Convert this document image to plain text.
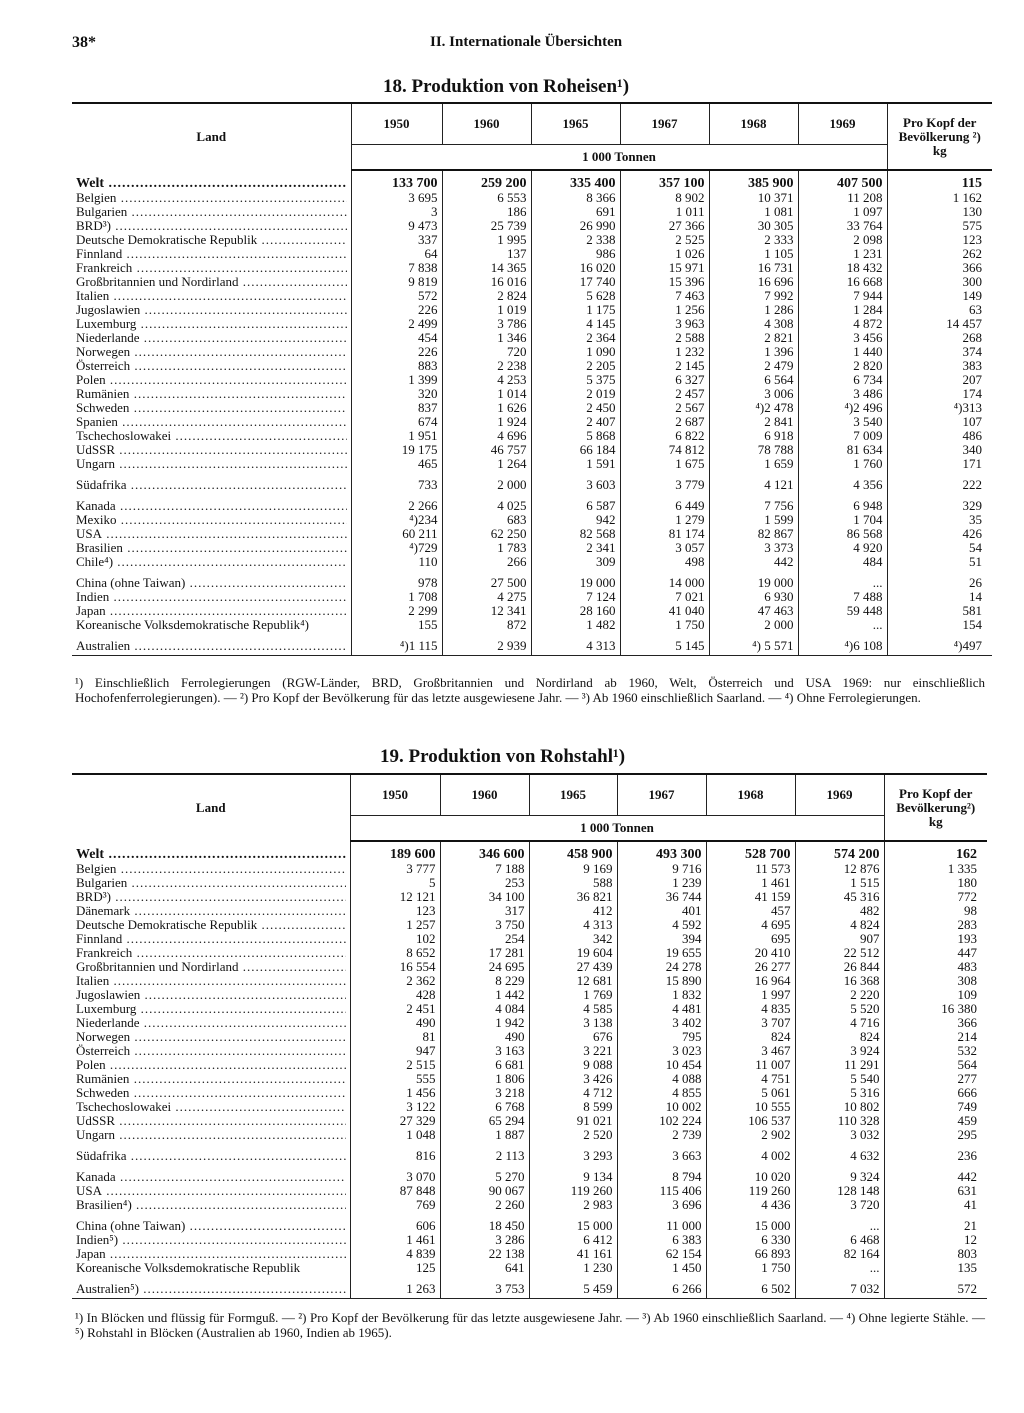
38*	II. Internationale Übersichten
18. Produktion von Roheisen¹)
Land	1950	1960	1965	1967	1968	1969	Pro Kopf der Bevölkerung ²) kg
	1 000 Tonnen						

Welt .....	133 700	259 200	335 400	357 100	385 900	407 500	115

Belgien .....	3 695	6 553	8 366	8 902	10 371	11 208	1 162

Bulgarien .....	3	186	691	1 011	1 081	1 097	130

BRD³) .....	9 473	25 739	26 990	27 366	30 305	33 764	575

Deutsche Demokratische Republik .....	337	1 995	2 338	2 525	2 333	2 098	123

Finnland .....	64	137	986	1 026	1 105	1 231	262

Frankreich .....	7 838	14 365	16 020	15 971	16 731	18 432	366

Großbritannien und Nordirland .....	9 819	16 016	17 740	15 396	16 696	16 668	300

Italien .....	572	2 824	5 628	7 463	7 992	7 944	149

Jugoslawien .....	226	1 019	1 175	1 256	1 286	1 284	63

Luxemburg .....	2 499	3 786	4 145	3 963	4 308	4 872	14 457

Niederlande .....	454	1 346	2 364	2 588	2 821	3 456	268

Norwegen .....	226	720	1 090	1 232	1 396	1 440	374

Österreich .....	883	2 238	2 205	2 145	2 479	2 820	383

Polen .....	1 399	4 253	5 375	6 327	6 564	6 734	207

Rumänien .....	320	1 014	2 019	2 457	3 006	3 486	174

Schweden .....	837	1 626	2 450	2 567	⁴)2 478	⁴)2 496	⁴)313

Spanien .....	674	1 924	2 407	2 687	2 841	3 540	107

Tschechoslowakei .....	1 951	4 696	5 868	6 822	6 918	7 009	486

UdSSR .....	19 175	46 757	66 184	74 812	78 788	81 634	340

Ungarn .....	465	1 264	1 591	1 675	1 659	1 760	171

Südafrika .....	733	2 000	3 603	3 779	4 121	4 356	222

Kanada .....	2 266	4 025	6 587	6 449	7 756	6 948	329

Mexiko .....	⁴)234	683	942	1 279	1 599	1 704	35

USA .....	60 211	62 250	82 568	81 174	82 867	86 568	426

Brasilien .....	⁴)729	1 783	2 341	3 057	3 373	4 920	54

Chile⁴) .....	110	266	309	498	442	484	51

China (ohne Taiwan) .....	978	27 500	19 000	14 000	19 000	...	26

Indien .....	1 708	4 275	7 124	7 021	6 930	7 488	14

Japan .....	2 299	12 341	28 160	41 040	47 463	59 448	581

Koreanische Volksdemokratische Republik⁴)	155	872	1 482	1 750	2 000	...	154

Australien .....	⁴)1 115	2 939	4 313	5 145	⁴) 5 571	⁴)6 108	⁴)497
¹) Einschließlich Ferrolegierungen (RGW-Länder, BRD, Großbritannien und Nordirland ab 1960, Welt, Österreich und USA 1969: nur einschließlich Hochofenferrolegierungen). — ²) Pro Kopf der Bevölkerung für das letzte ausgewiesene Jahr. — ³) Ab 1960 einschließlich Saarland. — ⁴) Ohne Ferrolegierungen.
19. Produktion von Rohstahl¹)
Land	1950	1960	1965	1967	1968	1969	Pro Kopf der Bevölkerung²) kg
	1 000 Tonnen						

Welt .....	189 600	346 600	458 900	493 300	528 700	574 200	162

Belgien .....	3 777	7 188	9 169	9 716	11 573	12 876	1 335

Bulgarien .....	5	253	588	1 239	1 461	1 515	180

BRD³) .....	12 121	34 100	36 821	36 744	41 159	45 316	772

Dänemark .....	123	317	412	401	457	482	98

Deutsche Demokratische Republik .....	1 257	3 750	4 313	4 592	4 695	4 824	283

Finnland .....	102	254	342	394	695	907	193

Frankreich .....	8 652	17 281	19 604	19 655	20 410	22 512	447

Großbritannien und Nordirland .....	16 554	24 695	27 439	24 278	26 277	26 844	483

Italien .....	2 362	8 229	12 681	15 890	16 964	16 368	308

Jugoslawien .....	428	1 442	1 769	1 832	1 997	2 220	109

Luxemburg .....	2 451	4 084	4 585	4 481	4 835	5 520	16 380

Niederlande .....	490	1 942	3 138	3 402	3 707	4 716	366

Norwegen .....	81	490	676	795	824	824	214

Österreich .....	947	3 163	3 221	3 023	3 467	3 924	532

Polen .....	2 515	6 681	9 088	10 454	11 007	11 291	564

Rumänien .....	555	1 806	3 426	4 088	4 751	5 540	277

Schweden .....	1 456	3 218	4 712	4 855	5 061	5 316	666

Tschechoslowakei .....	3 122	6 768	8 599	10 002	10 555	10 802	749

UdSSR .....	27 329	65 294	91 021	102 224	106 537	110 328	459

Ungarn .....	1 048	1 887	2 520	2 739	2 902	3 032	295

Südafrika .....	816	2 113	3 293	3 663	4 002	4 632	236

Kanada .....	3 070	5 270	9 134	8 794	10 020	9 324	442

USA .....	87 848	90 067	119 260	115 406	119 260	128 148	631

Brasilien⁴) .....	769	2 260	2 983	3 696	4 436	3 720	41

China (ohne Taiwan) .....	606	18 450	15 000	11 000	15 000	...	21

Indien⁵) .....	1 461	3 286	6 412	6 383	6 330	6 468	12

Japan .....	4 839	22 138	41 161	62 154	66 893	82 164	803

Koreanische Volksdemokratische Republik	125	641	1 230	1 450	1 750	...	135

Australien⁵) .....	1 263	3 753	5 459	6 266	6 502	7 032	572
¹) In Blöcken und flüssig für Formguß. — ²) Pro Kopf der Bevölkerung für das letzte ausgewiesene Jahr. — ³) Ab 1960 einschließlich Saarland. — ⁴) Ohne legierte Stähle. — ⁵) Rohstahl in Blöcken (Australien ab 1960, Indien ab 1965).
